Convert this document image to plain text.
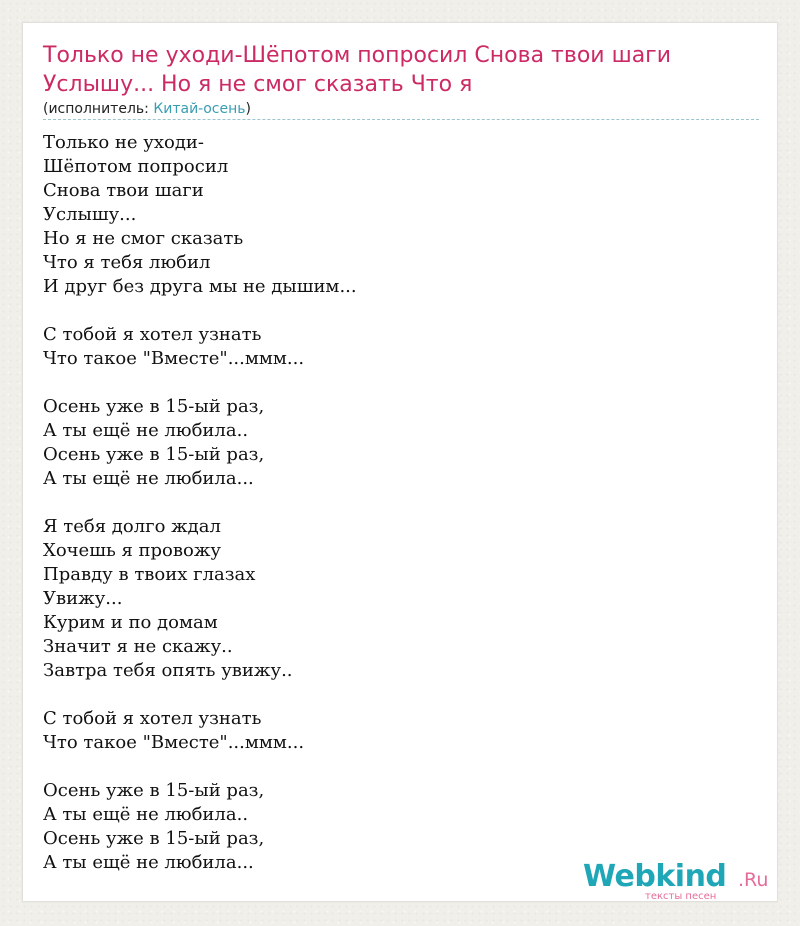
Только не уходи-Шёпотом попросил Снова твои шаги Услышу... Но я не смог сказать Что я
(исполнитель: Китай-осень)
Только не уходи-
Шёпотом попросил
Снова твои шаги
Услышу...
Но я не смог сказать
Что я тебя любил
И друг без друга мы не дышим...
С тобой я хотел узнать
Что такое "Вместе"...ммм...
Осень уже в 15-ый раз,
А ты ещё не любила..
Осень уже в 15-ый раз,
А ты ещё не любила...
Я тебя долго ждал
Хочешь я провожу
Правду в твоих глазах
Увижу...
Курим и по домам
Значит я не скажу..
Завтра тебя опять увижу..
С тобой я хотел узнать
Что такое "Вместе"...ммм...
Осень уже в 15-ый раз,
А ты ещё не любила..
Осень уже в 15-ый раз,
А ты ещё не любила...	Webkind .Ru
тексты песен
